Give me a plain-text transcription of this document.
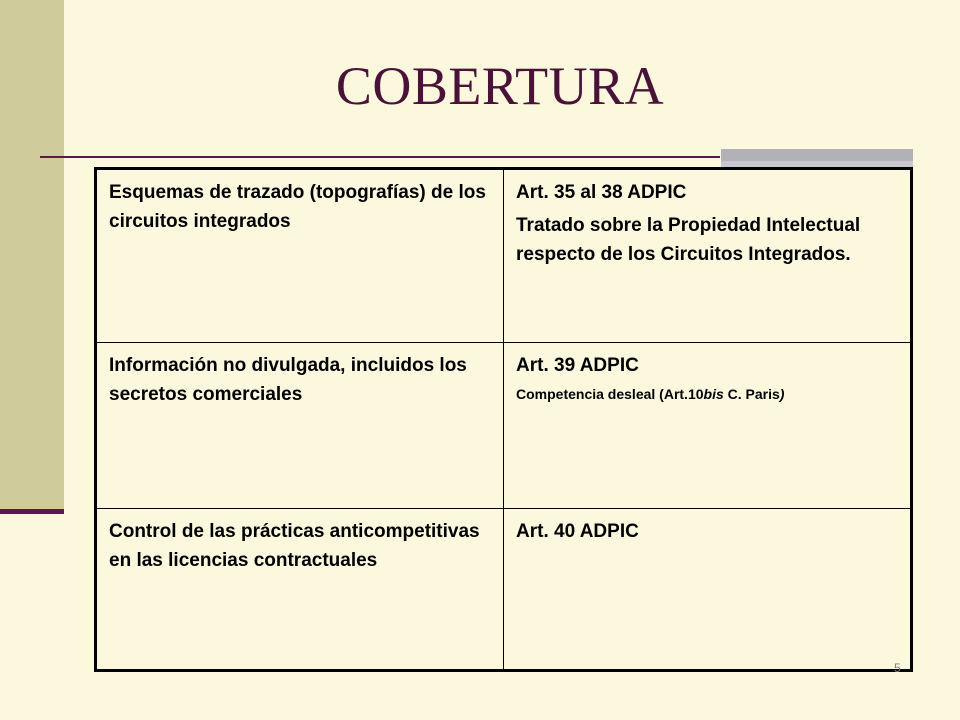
COBERTURA
Esquemas de trazado (topografías) de los circuitos integrados	Art. 35 al 38 ADPIC
Tratado sobre la Propiedad Intelectual respecto de los Circuitos Integrados.

Información no divulgada, incluidos los secretos comerciales	Art. 39 ADPIC
Competencia desleal (Art.10bis C. Paris)

Control de las prácticas anticompetitivas en las licencias contractuales	Art. 40 ADPIC
5
